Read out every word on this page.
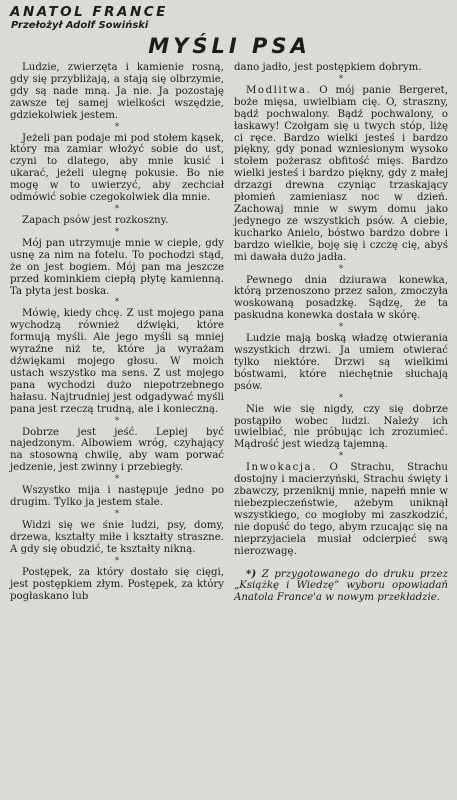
ANATOL FRANCE

Przełożył Adolf Sowiński

MYŚLI PSA

Ludzie, zwierzęta i kamienie rosną, gdy się przybliżają, a stają się olbrzymie, gdy są nade mną. Ja nie. Ja pozostaję zawsze tej samej wielkości wszędzie, gdziekolwiek jestem.

*

Jeżeli pan podaje mi pod stołem kąsek, który ma zamiar włożyć sobie do ust, czyni to dlatego, aby mnie kusić i ukarać, jeżeli ulegnę pokusie. Bo nie mogę w to uwierzyć, aby zechciał odmówić sobie czegokolwiek dla mnie.

*

Zapach psów jest rozkoszny.

*

Mój pan utrzymuje mnie w cieple, gdy usnę za nim na fotelu. To pochodzi stąd, że on jest bogiem. Mój pan ma jeszcze przed kominkiem ciepłą płytę kamienną. Ta płyta jest boska.

*

Mówię, kiedy chcę. Z ust mojego pana wychodzą również dźwięki, które formują myśli. Ale jego myśli są mniej wyraźne niż te, które ja wyrażam dźwiękami mojego głosu. W moich ustach wszystko ma sens. Z ust mojego pana wychodzi dużo niepotrzebnego hałasu. Najtrudniej jest odgadywać myśli pana jest rzeczą trudną, ale i konieczną.

*

Dobrze jest jeść. Lepiej być najedzonym. Albowiem wróg, czyhający na stosowną chwilę, aby wam porwać jedzenie, jest zwinny i przebiegły.

*

Wszystko mija i następuje jedno po drugim. Tylko ja jestem stale.

*

Widzi się we śnie ludzi, psy, domy, drzewa, kształty miłe i kształty straszne. A gdy się obudzić, te kształty nikną.

*

Postępek, za który dostało się cięgi, jest postępkiem złym. Postępek, za który pogłaskano lub

dano jadło, jest postępkiem dobrym.

*

Modlitwa. O mój panie Bergeret, boże mięsa, uwielbiam cię. O, straszny, bądź pochwalony. Bądź pochwalony, o łaskawy! Czołgam się u twych stóp, liżę ci ręce. Bardzo wielki jesteś i bardzo piękny, gdy ponad wzniesionym wysoko stołem pożerasz obfitość mięs. Bardzo wielki jesteś i bardzo piękny, gdy z małej drzazgi drewna czyniąc trzaskający płomień zamieniasz noc w dzień. Zachowaj mnie w swym domu jako jedynego ze wszystkich psów. A ciebie, kucharko Anielo, bóstwo bardzo dobre i bardzo wielkie, boję się i czczę cię, abyś mi dawała dużo jadła.

*

Pewnego dnia dziurawa konewka, którą przenoszono przez salon, zmoczyła woskowaną posadzkę. Sądzę, że ta paskudna konewka dostała w skórę.

*

Ludzie mają boską władzę otwierania wszystkich drzwi. Ja umiem otwierać tylko niektóre. Drzwi są wielkimi bóstwami, które niechętnie słuchają psów.

*

Nie wie się nigdy, czy się dobrze postąpiło wobec ludzi. Należy ich uwielbiać, nie próbując ich zrozumieć. Mądrość jest wiedzą tajemną.

*

Inwokacja. O Strachu, Strachu dostojny i macierzyński, Strachu święty i zbawczy, przeniknij mnie, napełń mnie w niebezpieczeństwie, ażebym uniknął wszystkiego, co mogłoby mi zaszkodzić, nie dopuść do tego, abym rzucając się na nieprzyjaciela musiał odcierpieć swą nierozwagę.

*) Z przygotowanego do druku przez „Książkę i Wiedzę” wyboru opowiadań Anatola France'a w nowym przekładzie.
